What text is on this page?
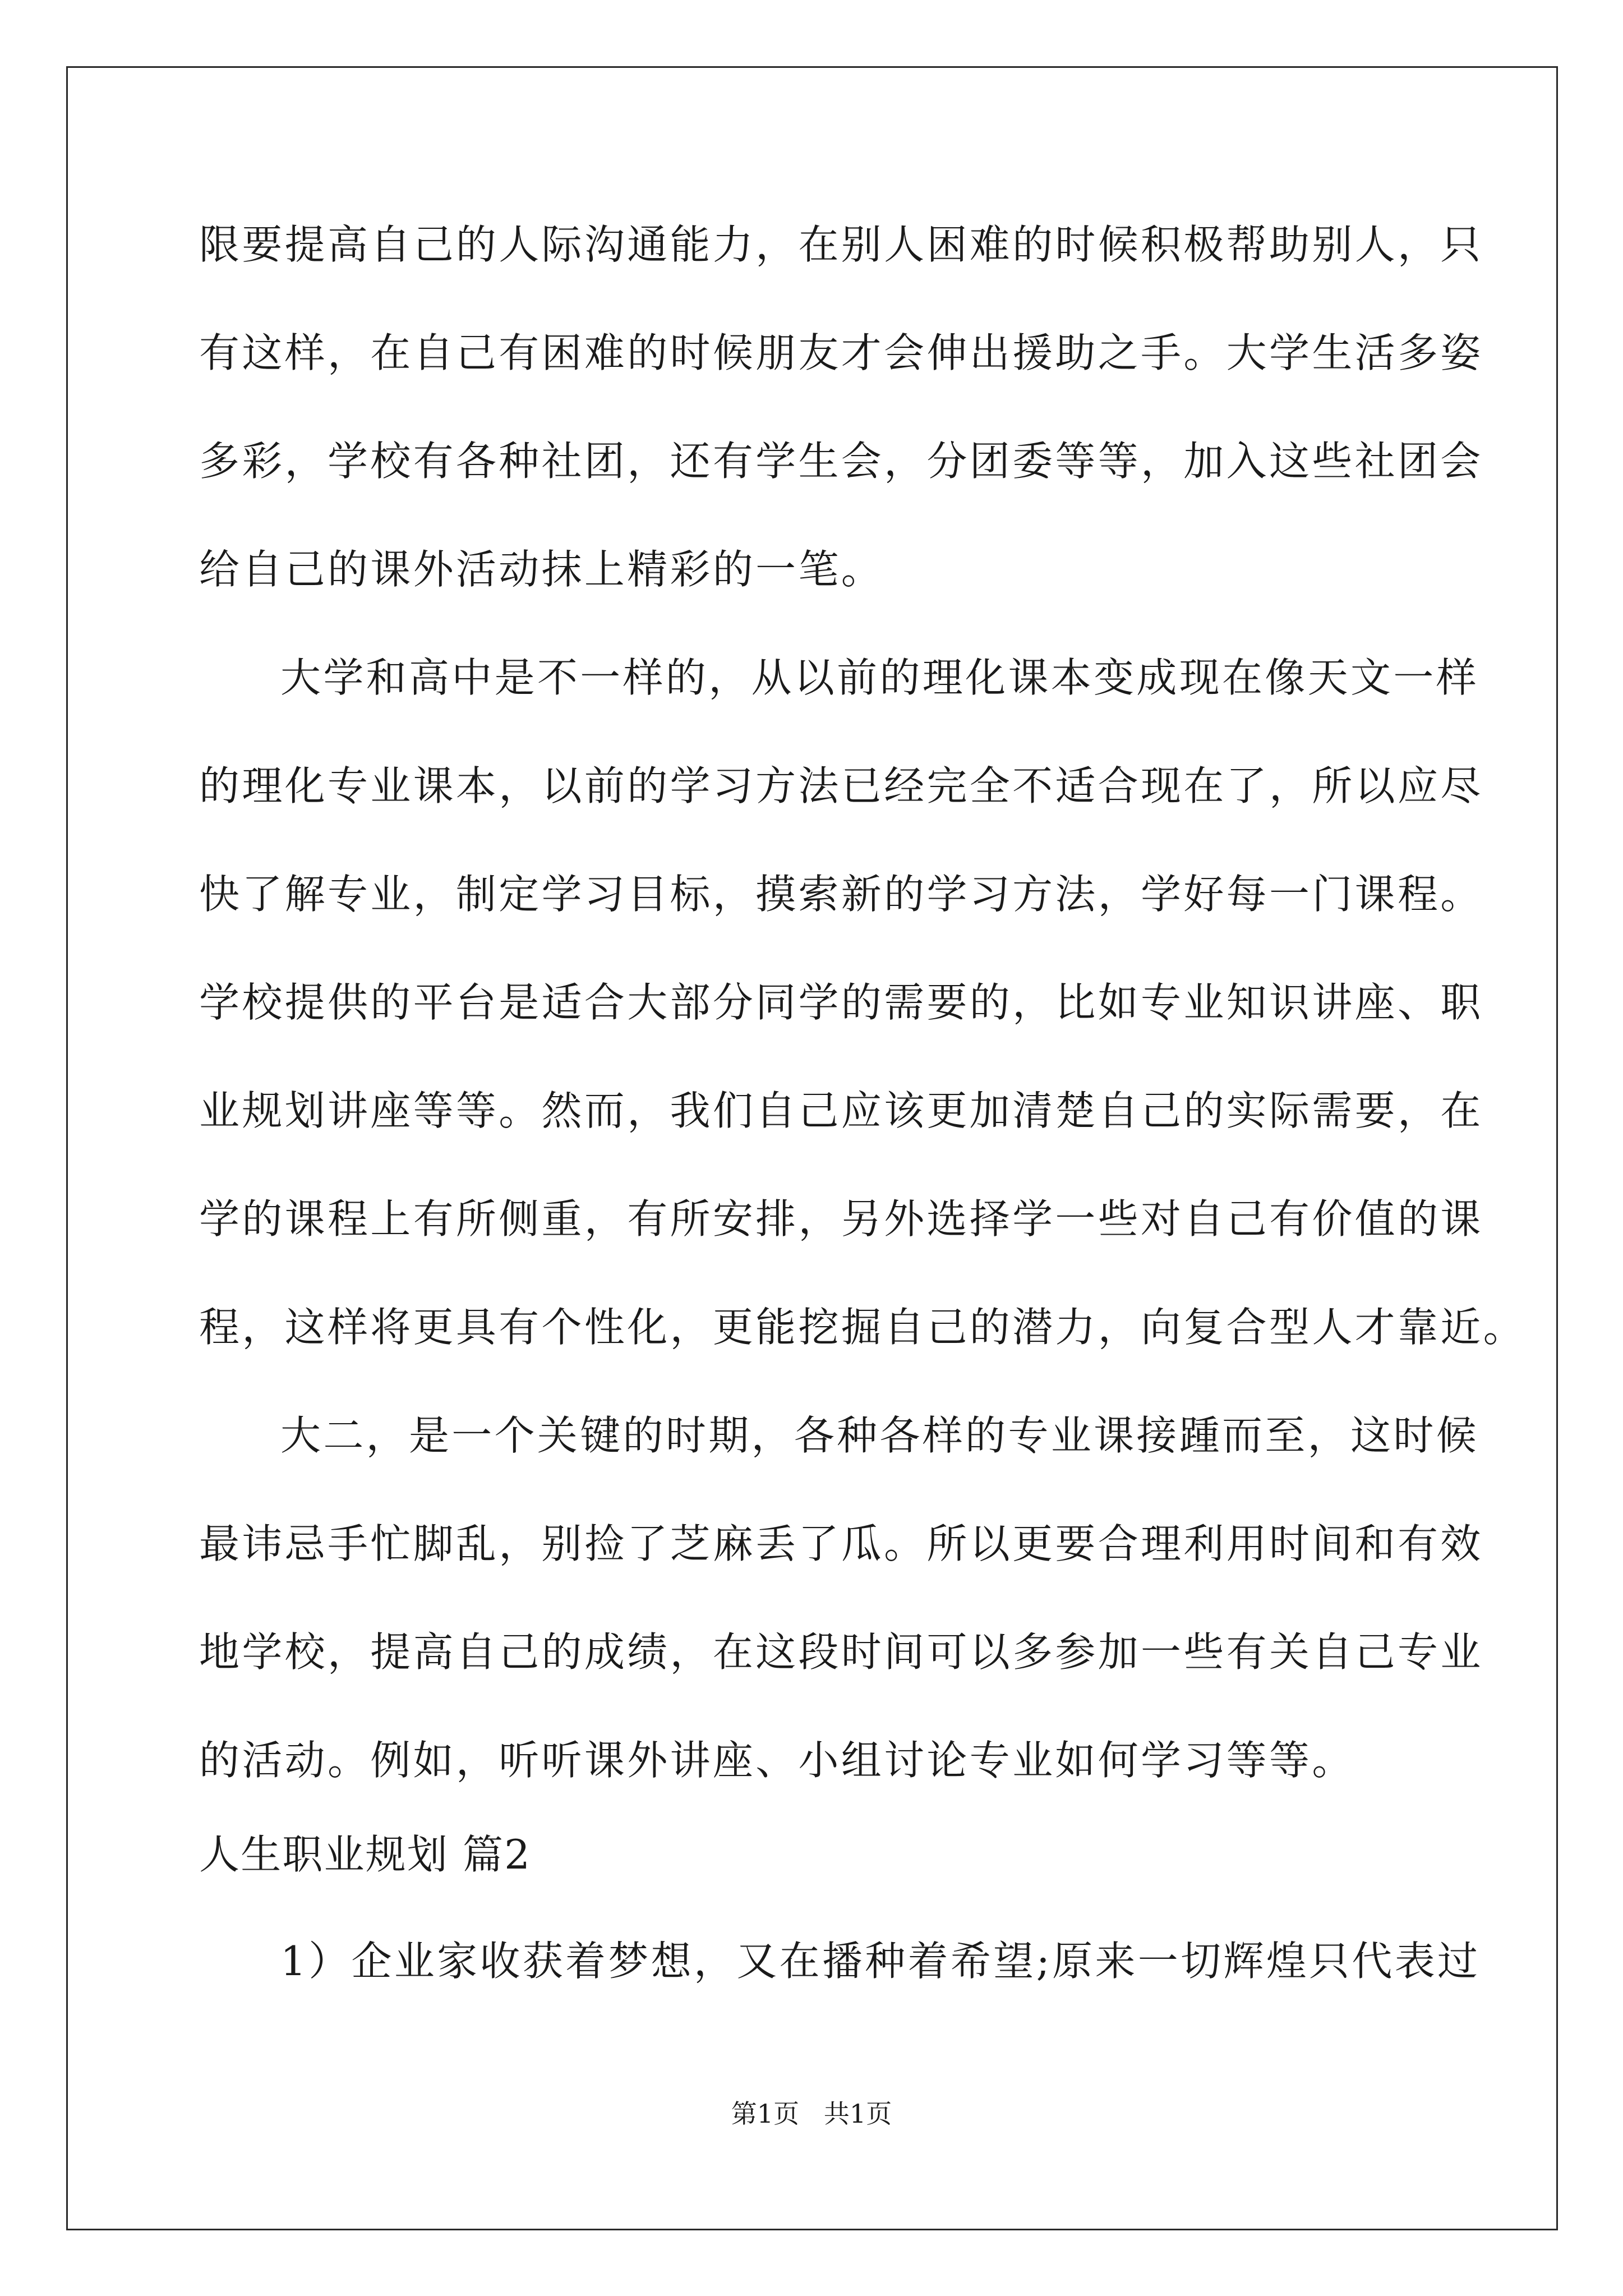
限要提高自己的人际沟通能力，在别人困难的时候积极帮助别人，只
有这样，在自己有困难的时候朋友才会伸出援助之手。大学生活多姿
多彩，学校有各种社团，还有学生会，分团委等等，加入这些社团会
给自己的课外活动抹上精彩的一笔。
大学和高中是不一样的，从以前的理化课本变成现在像天文一样
的理化专业课本，以前的学习方法已经完全不适合现在了，所以应尽
快了解专业，制定学习目标，摸索新的学习方法，学好每一门课程。
学校提供的平台是适合大部分同学的需要的，比如专业知识讲座、职
业规划讲座等等。然而，我们自己应该更加清楚自己的实际需要，在
学的课程上有所侧重，有所安排，另外选择学一些对自己有价值的课
程，这样将更具有个性化，更能挖掘自己的潜力，向复合型人才靠近。
大二，是一个关键的时期，各种各样的专业课接踵而至，这时候
最讳忌手忙脚乱，别捡了芝麻丢了瓜。所以更要合理利用时间和有效
地学校，提高自己的成绩，在这段时间可以多参加一些有关自己专业
的活动。例如，听听课外讲座、小组讨论专业如何学习等等。
人生职业规划 篇2
1）企业家收获着梦想，又在播种着希望;原来一切辉煌只代表过
第1页   共1页
